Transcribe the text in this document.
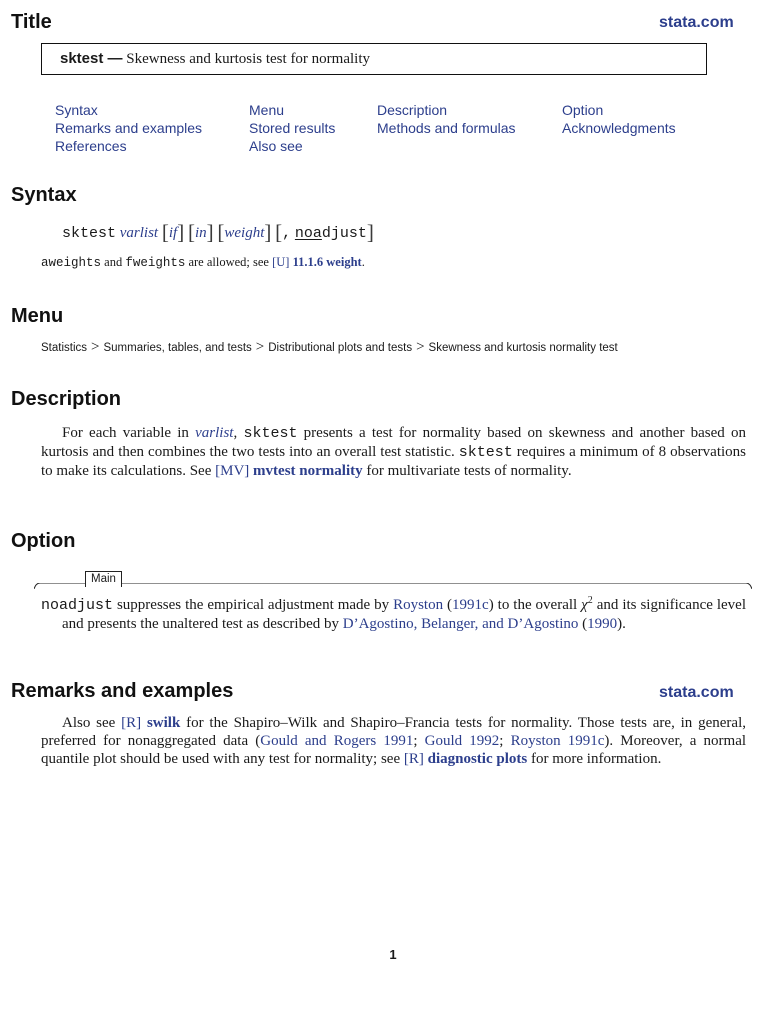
Title	stata.com
sktest — Skewness and kurtosis test for normality
Syntax
Remarks and examples
References
Menu
Stored results
Also see
Description
Methods and formulas
Option
Acknowledgments
Syntax
sktest varlist [if] [in] [weight] [, noadjust]
aweights and fweights are allowed; see [U] 11.1.6 weight.
Menu
Statistics > Summaries, tables, and tests > Distributional plots and tests > Skewness and kurtosis normality test
Description

For each variable in varlist, sktest presents a test for normality based on skewness and another based on kurtosis and then combines the two tests into an overall test statistic. sktest requires a minimum of 8 observations to make its calculations. See [MV] mvtest normality for multivariate tests of normality.

Option
Main

noadjust suppresses the empirical adjustment made by Royston (1991c) to the overall $\chi^2$ and its significance level and presents the unaltered test as described by D’Agostino, Belanger, and D’Agostino (1990).

Remarks and examples	stata.com

Also see [R] swilk for the Shapiro–Wilk and Shapiro–Francia tests for normality. Those tests are, in general, preferred for nonaggregated data (Gould and Rogers 1991; Gould 1992; Royston 1991c). Moreover, a normal quantile plot should be used with any test for normality; see [R] diagnostic plots for more information.

1
